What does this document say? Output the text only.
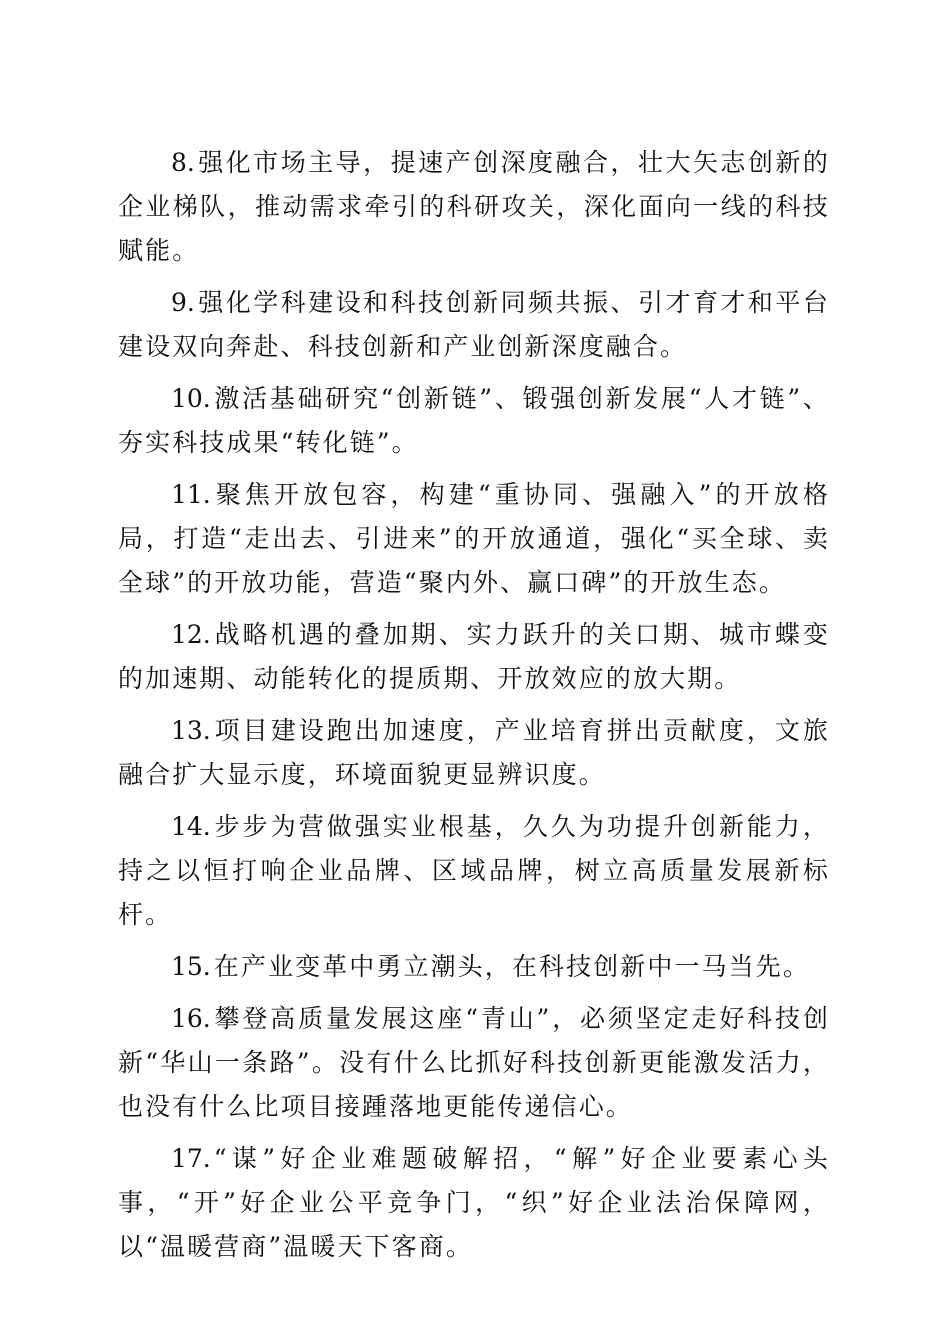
8. 强化市场主导，提速产创深度融合，壮大矢志创新的企业梯队，推动需求牵引的科研攻关，深化面向一线的科技赋能。

9. 强化学科建设和科技创新同频共振、引才育才和平台建设双向奔赴、科技创新和产业创新深度融合。

10. 激活基础研究“创新链”、锻强创新发展“人才链”、夯实科技成果“转化链”。

11. 聚焦开放包容，构建“重协同、强融入”的开放格局，打造“走出去、引进来”的开放通道，强化“买全球、卖全球”的开放功能，营造“聚内外、赢口碑”的开放生态。

12. 战略机遇的叠加期、实力跃升的关口期、城市蝶变的加速期、动能转化的提质期、开放效应的放大期。

13. 项目建设跑出加速度，产业培育拼出贡献度，文旅融合扩大显示度，环境面貌更显辨识度。

14. 步步为营做强实业根基，久久为功提升创新能力，持之以恒打响企业品牌、区域品牌，树立高质量发展新标杆。

15. 在产业变革中勇立潮头，在科技创新中一马当先。

16. 攀登高质量发展这座“青山”，必须坚定走好科技创新“华山一条路”。没有什么比抓好科技创新更能激发活力，也没有什么比项目接踵落地更能传递信心。

17. “谋”好企业难题破解招，“解”好企业要素心头事，“开”好企业公平竞争门，“织”好企业法治保障网，以“温暖营商”温暖天下客商。
